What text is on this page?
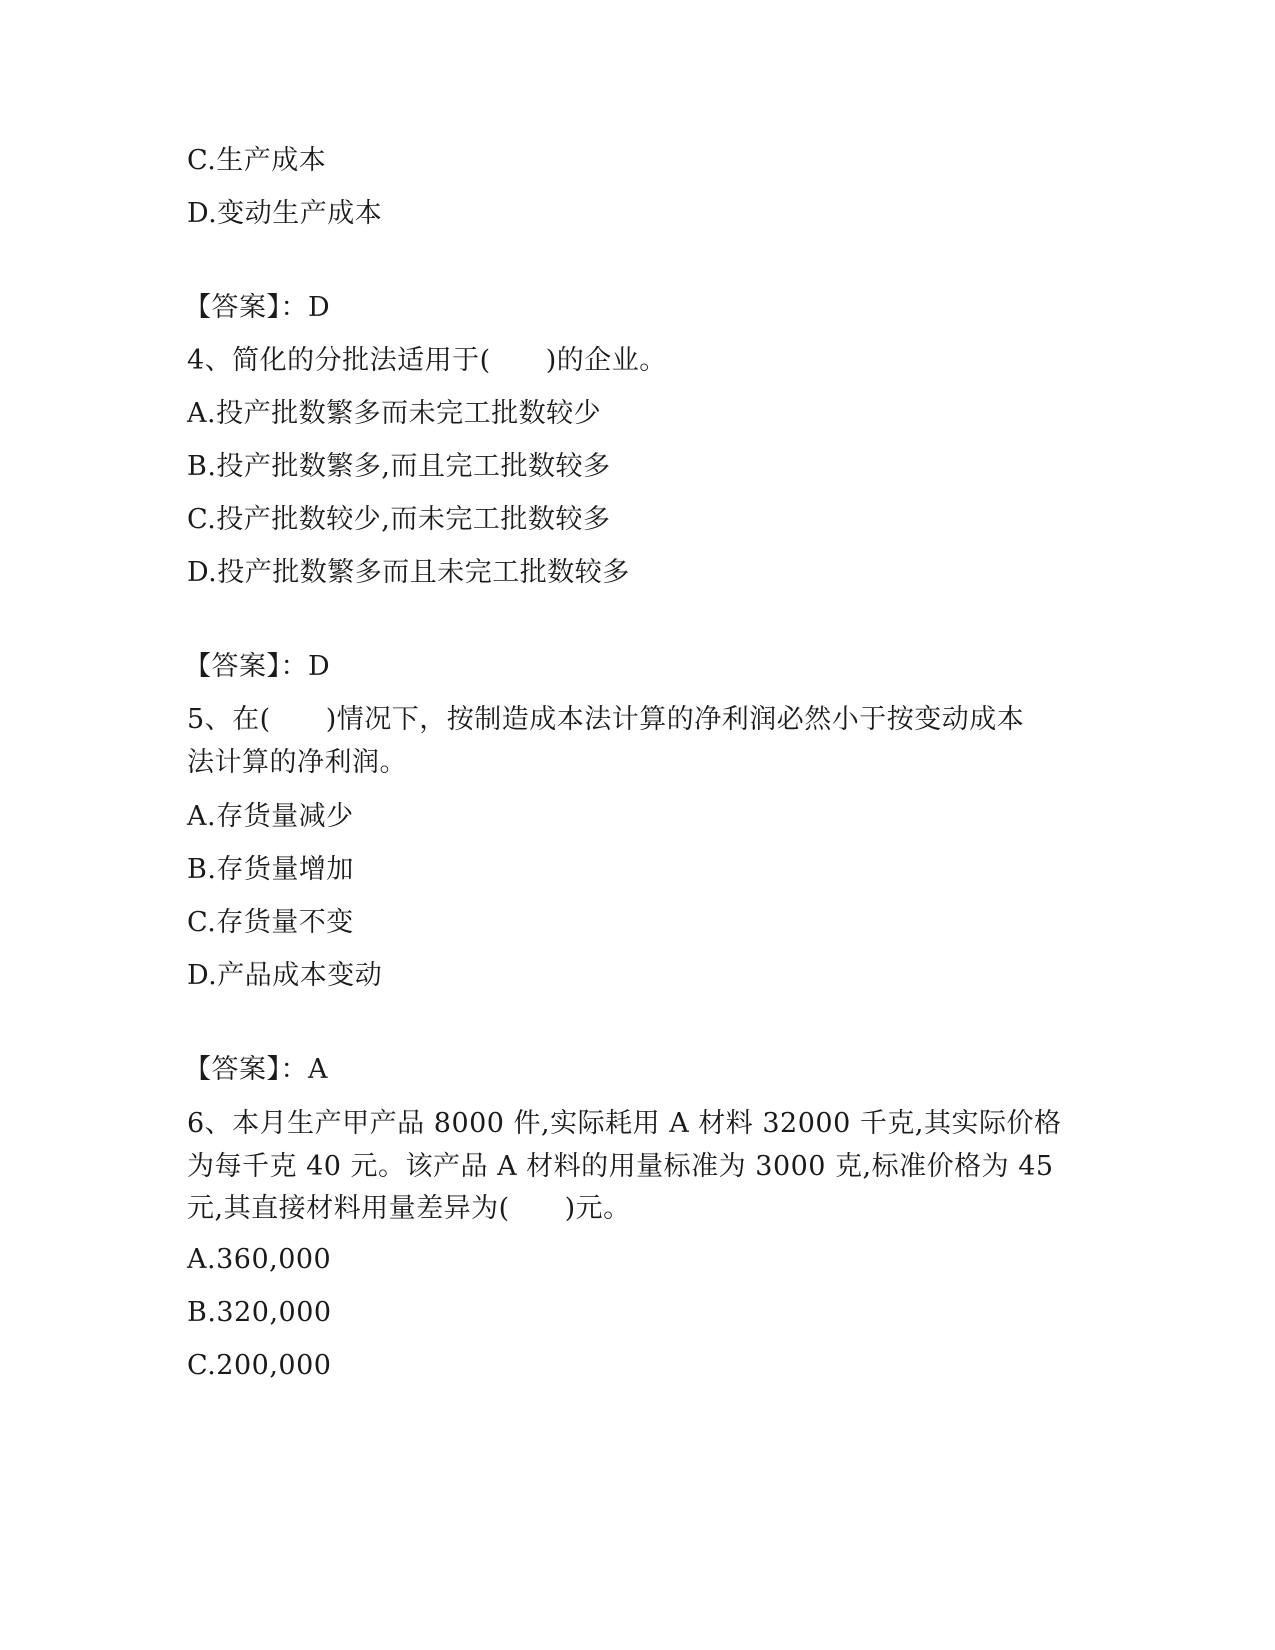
C.生产成本
D.变动生产成本
【答案】：D
4、简化的分批法适用于(　　)的企业。
A.投产批数繁多而未完工批数较少
B.投产批数繁多,而且完工批数较多
C.投产批数较少,而未完工批数较多
D.投产批数繁多而且未完工批数较多
【答案】：D
5、在(　　)情况下，按制造成本法计算的净利润必然小于按变动成本
法计算的净利润。
A.存货量减少
B.存货量增加
C.存货量不变
D.产品成本变动
【答案】：A
6、本月生产甲产品 8000 件,实际耗用 A 材料 32000 千克,其实际价格
为每千克 40 元。该产品 A 材料的用量标准为 3000 克,标准价格为 45
元,其直接材料用量差异为(　　)元。
A.360,000
B.320,000
C.200,000
